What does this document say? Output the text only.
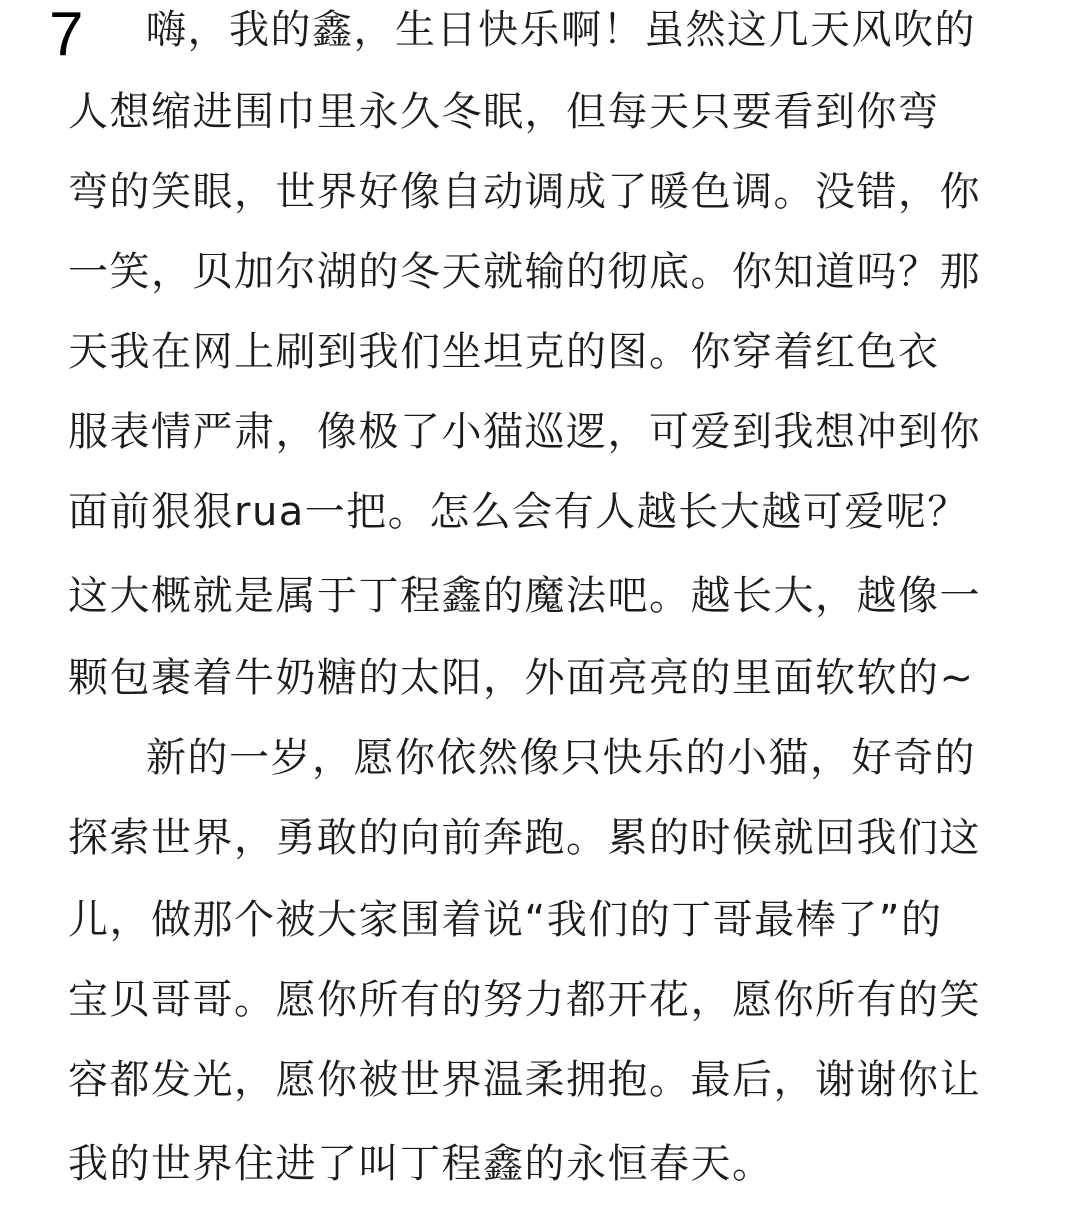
7 嗨，我的鑫，生日快乐啊！虽然这几天风吹的
人想缩进围巾里永久冬眠，但每天只要看到你弯
弯的笑眼，世界好像自动调成了暖色调。没错，你
一笑，贝加尔湖的冬天就输的彻底。你知道吗？那
天我在网上刷到我们坐坦克的图。你穿着红色衣
服表情严肃，像极了小猫巡逻，可爱到我想冲到你
面前狠狠rua一把。怎么会有人越长大越可爱呢？
这大概就是属于丁程鑫的魔法吧。越长大，越像一
颗包裹着牛奶糖的太阳，外面亮亮的里面软软的~
新的一岁，愿你依然像只快乐的小猫，好奇的
探索世界，勇敢的向前奔跑。累的时候就回我们这
儿，做那个被大家围着说“我们的丁哥最棒了”的
宝贝哥哥。愿你所有的努力都开花，愿你所有的笑
容都发光，愿你被世界温柔拥抱。最后，谢谢你让
我的世界住进了叫丁程鑫的永恒春天。
